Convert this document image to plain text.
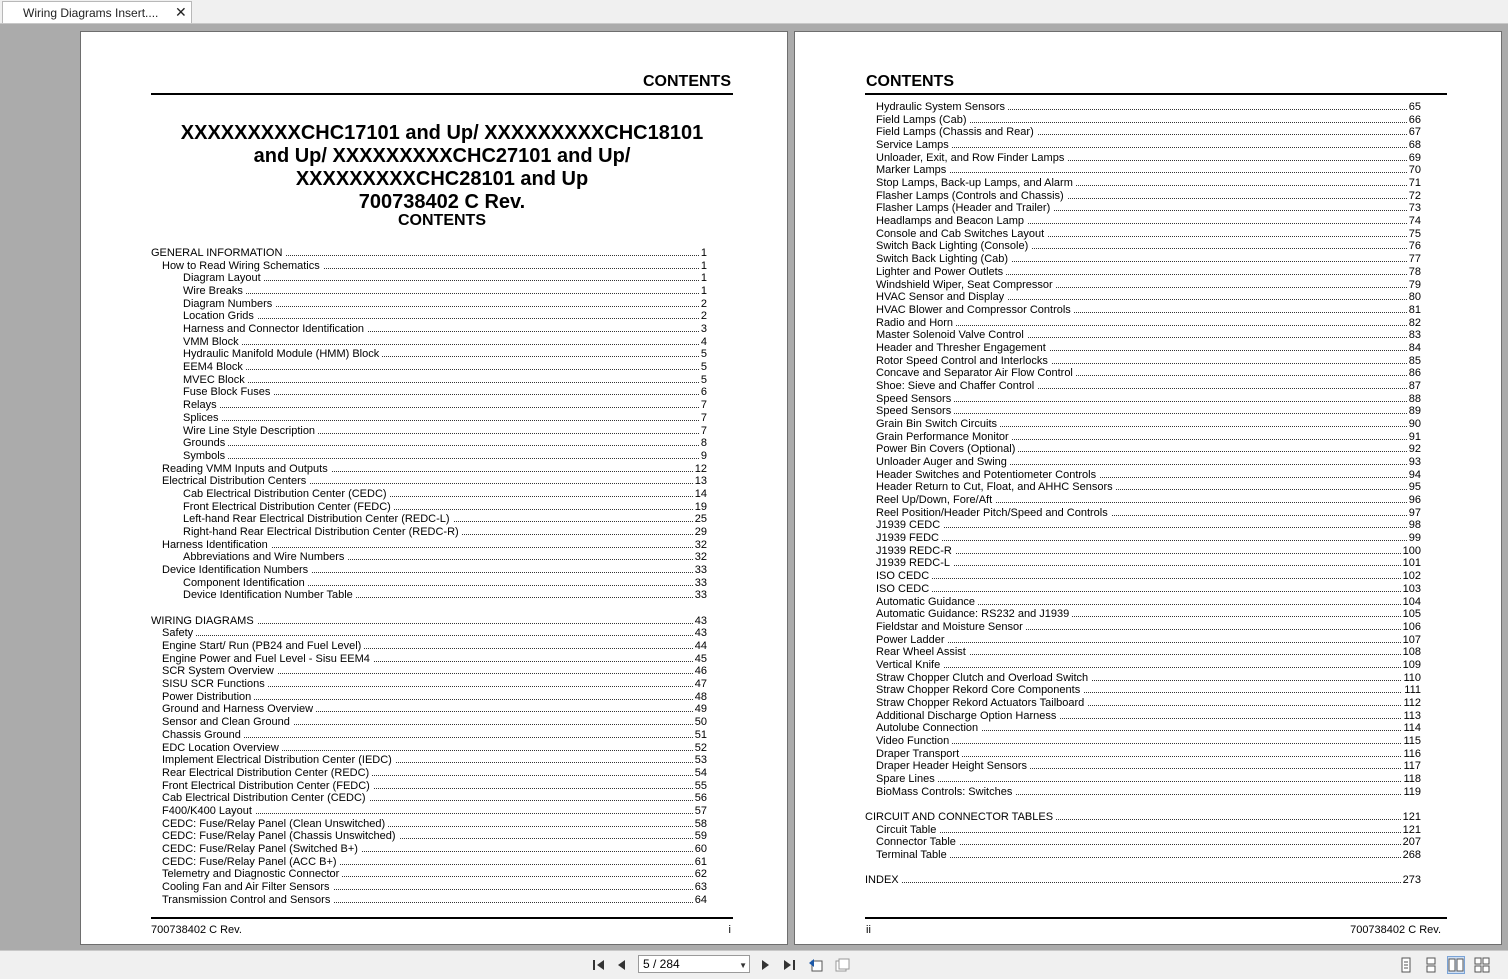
Wiring Diagrams Insert.... ✕
CONTENTS
XXXXXXXXXCHC17101 and Up/ XXXXXXXXXCHC18101
and Up/ XXXXXXXXXCHC27101 and Up/
XXXXXXXXXCHC28101 and Up
700738402 C Rev.
CONTENTS
GENERAL INFORMATION	1
How to Read Wiring Schematics	1
Diagram Layout	1
Wire Breaks	1
Diagram Numbers	2
Location Grids	2
Harness and Connector Identification	3
VMM Block	4
Hydraulic Manifold Module (HMM) Block	5
EEM4 Block	5
MVEC Block	5
Fuse Block Fuses	6
Relays	7
Splices	7
Wire Line Style Description	7
Grounds	8
Symbols	9
Reading VMM Inputs and Outputs	12
Electrical Distribution Centers	13
Cab Electrical Distribution Center (CEDC)	14
Front Electrical Distribution Center (FEDC)	19
Left-hand Rear Electrical Distribution Center (REDC-L)	25
Right-hand Rear Electrical Distribution Center (REDC-R)	29
Harness Identification	32
Abbreviations and Wire Numbers	32
Device Identification Numbers	33
Component Identification	33
Device Identification Number Table	33
WIRING DIAGRAMS	43
Safety	43
Engine Start/ Run (PB24 and Fuel Level)	44
Engine Power and Fuel Level - Sisu EEM4	45
SCR System Overview	46
SISU SCR Functions	47
Power Distribution	48
Ground and Harness Overview	49
Sensor and Clean Ground	50
Chassis Ground	51
EDC Location Overview	52
Implement Electrical Distribution Center (IEDC)	53
Rear Electrical Distribution Center (REDC)	54
Front Electrical Distribution Center (FEDC)	55
Cab Electrical Distribution Center (CEDC)	56
F400/K400 Layout	57
CEDC: Fuse/Relay Panel (Clean Unswitched)	58
CEDC: Fuse/Relay Panel (Chassis Unswitched)	59
CEDC: Fuse/Relay Panel (Switched B+)	60
CEDC: Fuse/Relay Panel (ACC B+)	61
Telemetry and Diagnostic Connector	62
Cooling Fan and Air Filter Sensors	63
Transmission Control and Sensors	64
700738402 C Rev.	i
CONTENTS
Hydraulic System Sensors	65
Field Lamps (Cab)	66
Field Lamps (Chassis and Rear)	67
Service Lamps	68
Unloader, Exit, and Row Finder Lamps	69
Marker Lamps	70
Stop Lamps, Back-up Lamps, and Alarm	71
Flasher Lamps (Controls and Chassis)	72
Flasher Lamps (Header and Trailer)	73
Headlamps and Beacon Lamp	74
Console and Cab Switches Layout	75
Switch Back Lighting (Console)	76
Switch Back Lighting (Cab)	77
Lighter and Power Outlets	78
Windshield Wiper, Seat Compressor	79
HVAC Sensor and Display	80
HVAC Blower and Compressor Controls	81
Radio and Horn	82
Master Solenoid Valve Control	83
Header and Thresher Engagement	84
Rotor Speed Control and Interlocks	85
Concave and Separator Air Flow Control	86
Shoe: Sieve and Chaffer Control	87
Speed Sensors	88
Speed Sensors	89
Grain Bin Switch Circuits	90
Grain Performance Monitor	91
Power Bin Covers (Optional)	92
Unloader Auger and Swing	93
Header Switches and Potentiometer Controls	94
Header Return to Cut, Float, and AHHC Sensors	95
Reel Up/Down, Fore/Aft	96
Reel Position/Header Pitch/Speed and Controls	97
J1939 CEDC	98
J1939 FEDC	99
J1939 REDC-R	100
J1939 REDC-L	101
ISO CEDC	102
ISO CEDC	103
Automatic Guidance	104
Automatic Guidance: RS232 and J1939	105
Fieldstar and Moisture Sensor	106
Power Ladder	107
Rear Wheel Assist	108
Vertical Knife	109
Straw Chopper Clutch and Overload Switch	110
Straw Chopper Rekord Core Components	111
Straw Chopper Rekord Actuators Tailboard	112
Additional Discharge Option Harness	113
Autolube Connection	114
Video Function	115
Draper Transport	116
Draper Header Height Sensors	117
Spare Lines	118
BioMass Controls: Switches	119
CIRCUIT AND CONNECTOR TABLES	121
Circuit Table	121
Connector Table	207
Terminal Table	268
INDEX	273
ii	700738402 C Rev.
5 / 284	▼
